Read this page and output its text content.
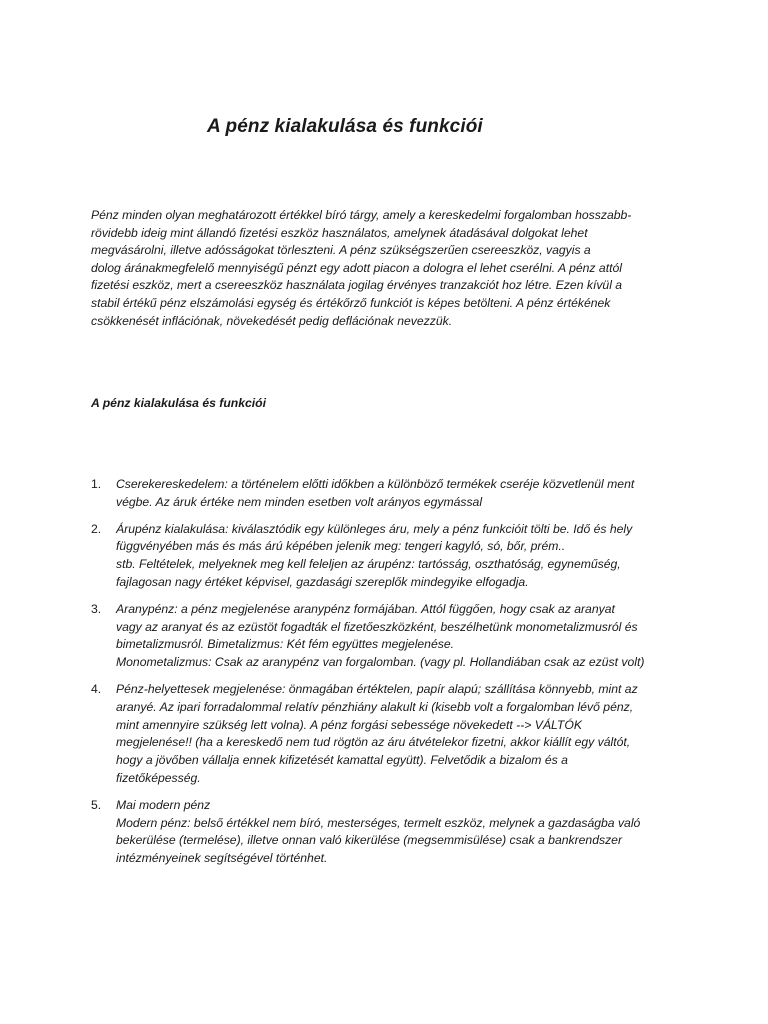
A pénz kialakulása és funkciói

Pénz minden olyan meghatározott értékkel bíró tárgy, amely a kereskedelmi forgalomban hosszabb-
rövidebb ideig mint állandó fizetési eszköz használatos, amelynek átadásával dolgokat lehet
megvásárolni, illetve adósságokat törleszteni. A pénz szükségszerűen csereeszköz, vagyis a
dolog áránakmegfelelő mennyiségű pénzt egy adott piacon a dologra el lehet cserélni. A pénz attól
fizetési eszköz, mert a csereeszköz használata jogilag érvényes tranzakciót hoz létre. Ezen kívül a
stabil értékű pénz elszámolási egység és értékőrző funkciót is képes betölteni. A pénz értékének
csökkenését inflációnak, növekedését pedig deflációnak nevezzük.

A pénz kialakulása és funkciói
1. Cserekereskedelem: a történelem előtti időkben a különböző termékek cseréje közvetlenül ment
végbe. Az áruk értéke nem minden esetben volt arányos egymással
2. Árupénz kialakulása: kiválasztódik egy különleges áru, mely a pénz funkcióit tölti be. Idő és hely
függvényében más és más árú képében jelenik meg: tengeri kagyló, só, bőr, prém..
stb. Feltételek, melyeknek meg kell feleljen az árupénz: tartósság, oszthatóság, egyneműség,
fajlagosan nagy értéket képvisel, gazdasági szereplők mindegyike elfogadja.
3. Aranypénz: a pénz megjelenése aranypénz formájában. Attól függően, hogy csak az aranyat
vagy az aranyat és az ezüstöt fogadták el fizetőeszközként, beszélhetünk monometalizmusról és
bimetalizmusról. Bimetalizmus: Két fém együttes megjelenése.
Monometalizmus: Csak az aranypénz van forgalomban. (vagy pl. Hollandiában csak az ezüst volt)
4. Pénz-helyettesek megjelenése: önmagában értéktelen, papír alapú; szállítása könnyebb, mint az
aranyé. Az ipari forradalommal relatív pénzhiány alakult ki (kisebb volt a forgalomban lévő pénz,
mint amennyire szükség lett volna). A pénz forgási sebessége növekedett --> VÁLTÓK
megjelenése!! (ha a kereskedő nem tud rögtön az áru átvételekor fizetni, akkor kiállít egy váltót,
hogy a jövőben vállalja ennek kifizetését kamattal együtt). Felvetődik a bizalom és a
fizetőképesség.
5. Mai modern pénz
Modern pénz: belső értékkel nem bíró, mesterséges, termelt eszköz, melynek a gazdaságba való
bekerülése (termelése), illetve onnan való kikerülése (megsemmisülése) csak a bankrendszer
intézményeinek segítségével történhet.
